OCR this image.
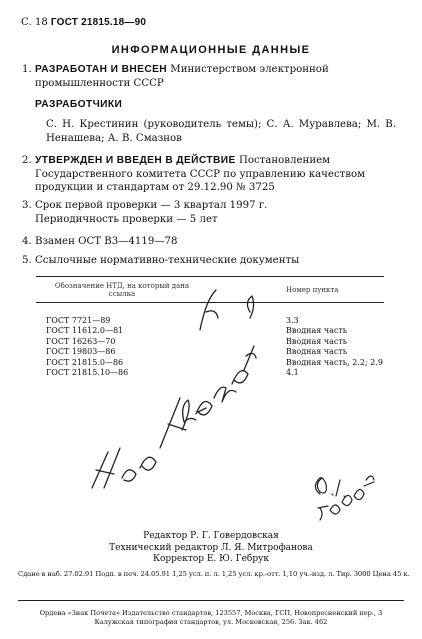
С. 18 ГОСТ 21815.18—90
ИНФОРМАЦИОННЫЕ ДАННЫЕ
1. РАЗРАБОТАН И ВНЕСЕН Министерством электронной промышленности СССР
РАЗРАБОТЧИКИ
С. Н. Крестинин (руководитель темы); С. А. Муравлева; М. В. Ненашева; А. В. Смазнов
2. УТВЕРЖДЕН И ВВЕДЕН В ДЕЙСТВИЕ Постановлением Государственного комитета СССР по управлению качеством продукции и стандартам от 29.12.90 № 3725
3. Срок первой проверки — 3 квартал 1997 г.
Периодичность проверки — 5 лет
4. Взамен ОСТ В3—4119—78
5. Ссылочные нормативно-технические документы
Обозначение НТД, на который дана
ссылка	Номер пункта
ГОСТ 7721—89	3.3
ГОСТ 11612.0—81	Вводная часть
ГОСТ 16263—70	Вводная часть
ГОСТ 19803—86	Вводная часть
ГОСТ 21815.0—86	Вводная часть, 2.2; 2.9
ГОСТ 21815.10—86	4.1
Редактор Р. Г. Говердовская
Технический редактор Л. Я. Митрофанова
Корректор Е. Ю. Гебрук
Сдано в наб. 27.02.91 Подп. в печ. 24.05.91 1,25 усл. п. л. 1,25 усл. кр.-отт. 1,10 уч.-изд. л. Тир. 3000 Цена 45 к.
Ордена «Знак Почета» Издательство стандартов, 123557, Москва, ГСП, Новопресненский пер., 3
Калужская типография стандартов, ул. Московская, 256. Зак. 462
